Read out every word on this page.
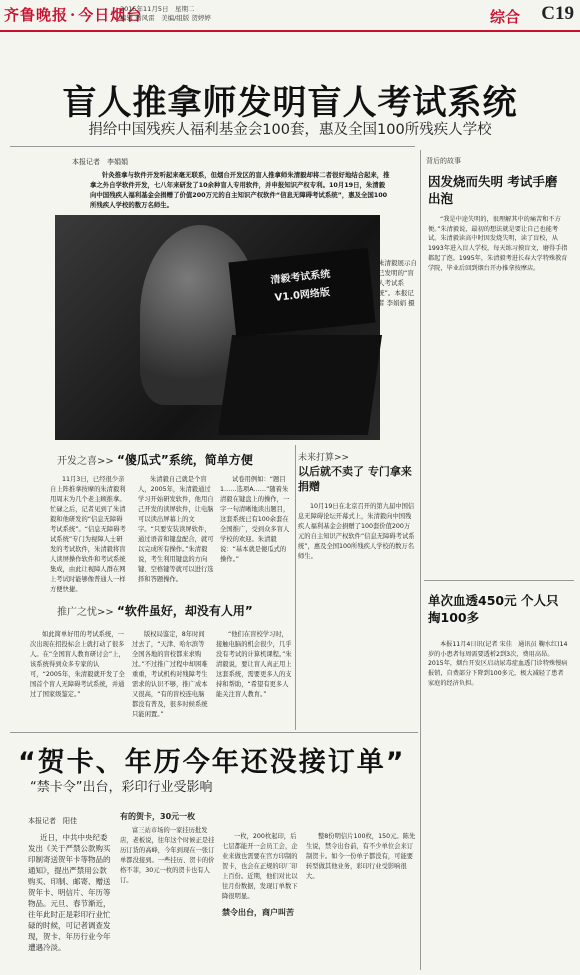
齐鲁晚报 · 今日烟台
2015年11月5日　星期二
编辑 潘风雷　美编/组版 贺婷婷	综合 C19
盲人推拿师发明盲人考试系统
捐给中国残疾人福利基金会100套，惠及全国100所残疾人学校
本报记者　李娟娟

针灸推拿与软件开发听起来毫无联系，但烟台开发区的盲人推拿师朱清毅却将二者很好地结合起来，推拿之外自学软件开发，七八年来研发了10余种盲人专用软件，并申报知识产权专利。10月19日，朱清毅向中国残疾人福利基金会捐赠了价值200万元的自主知识产权软件“信息无障碍考试系统”，惠及全国100所残疾人学校的数万名师生。

清毅考试系统
V1.0网络版
朱清毅展示自己发明的“盲人考试系统”。本报记者 李娟娟 摄
开发之喜>> “傻瓜式”系统，简单方便

11月3日，已经很少亲自上阵推拿按摩的朱清毅利用周末为几个老主顾推拿。忙碌之后，记者见到了朱清毅和他研发的“信息无障碍考试系统”。“信息无障碍考试系统”专门为视障人士研发的考试软件，朱清毅将盲人读屏操作软件和考试系统集成，由此让视障人群在网上考试时能够像普通人一样方便快捷。

朱清毅自己就是个盲人，2005年，朱清毅通过学习开始研发软件，他用自己开发的读屏软件，让电脑可以读出屏幕上的文字。“只要安装读屏软件，通过语音和键盘配合，就可以完成所有操作。”朱清毅说，考生利用键盘的方向键、空格键等就可以进行选择和答题操作。

试卷用例如：“题目1……选项A……”随着朱清毅在键盘上的操作，一字一句清晰地读出题目，这套系统已有100余套在全国推广，受到众多盲人学校的欢迎。朱清毅说：“基本就是傻瓜式的操作。”

推广之忧>> “软件虽好，却没有人用”

如此简单好用的考试系统，一次出现在招投标会上就打动了很多人。在“全国盲人教育研讨会”上，该系统得到众多专家的认可，“2005年，朱清毅就开发了全国首个盲人无障碍考试系统，并通过了国家级鉴定。”

版权局鉴定，8年时间过去了，“天津、哈尔滨等全国各地的盲校都来求购过。”不过推广过程中却困难重重，考试机构对残障考生需求的认识不够，推广成本又很高，“有的盲校连电脑都没有普及，很多时候系统只能闲置。”

“他们在盲校学习时，接触电脑的机会很少，几乎没有考试的计算机课程。”朱清毅说，要让盲人真正用上这套系统，需要更多人的支持和帮助，“希望有更多人能关注盲人教育。”

未来打算>>
以后就不卖了 专门拿来捐赠

10月19日在北京召开的第九届中国信息无障碍论坛开幕式上，朱清毅向中国残疾人福利基金会捐赠了100套价值200万元的自主知识产权软件“信息无障碍考试系统”，惠及全国100所残疾人学校的数万名师生。

背后的故事
因发烧而失明 考试手磨出泡

“我是中途失明的，很理解其中的痛苦和不方便。”朱清毅说，最初的想法就是要让自己也能考试。朱清毅读高中时因发烧失明，读了盲校，从1993年进入盲人学校，每天练习摸盲文，磨得手指都起了泡。1995年，朱清毅考进长春大学特殊教育学院，毕业后回到烟台开办推拿按摩店。

单次血透450元 个人只掏100多

本报11月4日讯(记者 宋佳　通讯员 鞠水红)14岁的小患者每周需要透析2到3次，费用高昂。2015年，烟台开发区启动尿毒症血透门诊特殊慢病报销，自费部分下降到100多元，极大减轻了患者家庭的经济负担。

“贺卡、年历今年还没接订单”
“禁卡令”出台，彩印行业受影响
本报记者　阳佳

近日，中共中央纪委发出《关于严禁公款购买印制寄送贺年卡等物品的通知》，提出严禁用公款购买、印制、邮寄、赠送贺年卡、明信片、年历等物品。元旦、春节渐近，往年此时正是彩印行业忙碌的时候，可记者调查发现，贺卡、年历行业今年遭遇冷淡。

有的贺卡，30元一枚

富三站市场的一家挂历批发店，老板说，往年这个时候正是挂历订货的高峰，今年到现在一张订单都没接到。一些挂历、贺卡的价格不菲，30元一枚的贺卡也有人订。

一枚，200枚起印，后七层都能开一会员工会，企业来做也需要在官方印制的贺卡，也会在正规的印厂印上百份。近期，他们对比以往月份数据，发现订单数下降很明显。

禁令出台，商户叫苦

整8份明信片100枚，150元。陈先生说，禁令出台前，有不少单位会来订制贺卡。如今一份单子都没有，可能要转型做其他业务，彩印行业受影响很大。
